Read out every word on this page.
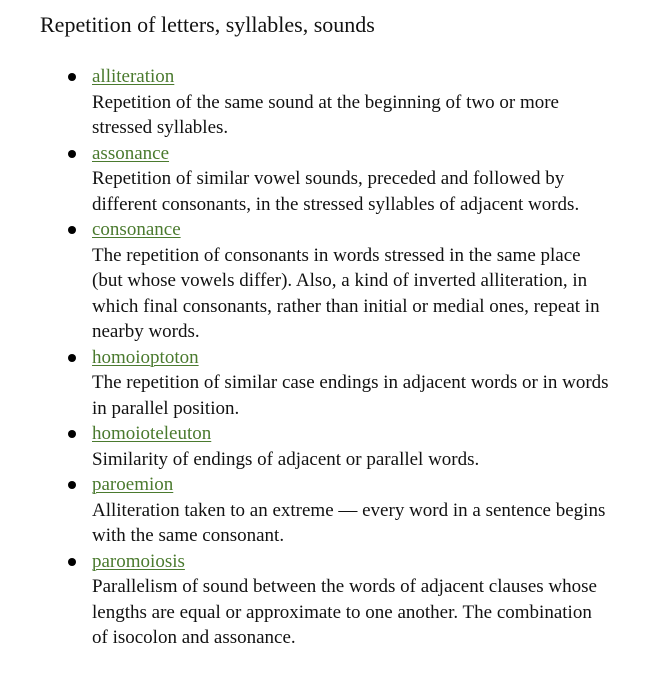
Repetition of letters, syllables, sounds
alliteration
Repetition of the same sound at the beginning of two or more stressed syllables.
assonance
Repetition of similar vowel sounds, preceded and followed by different consonants, in the stressed syllables of adjacent words.
consonance
The repetition of consonants in words stressed in the same place (but whose vowels differ). Also, a kind of inverted alliteration, in which final consonants, rather than initial or medial ones, repeat in nearby words.
homoioptoton
The repetition of similar case endings in adjacent words or in words in parallel position.
homoioteleuton
Similarity of endings of adjacent or parallel words.
paroemion
Alliteration taken to an extreme — every word in a sentence begins with the same consonant.
paromoiosis
Parallelism of sound between the words of adjacent clauses whose lengths are equal or approximate to one another. The combination of isocolon and assonance.
